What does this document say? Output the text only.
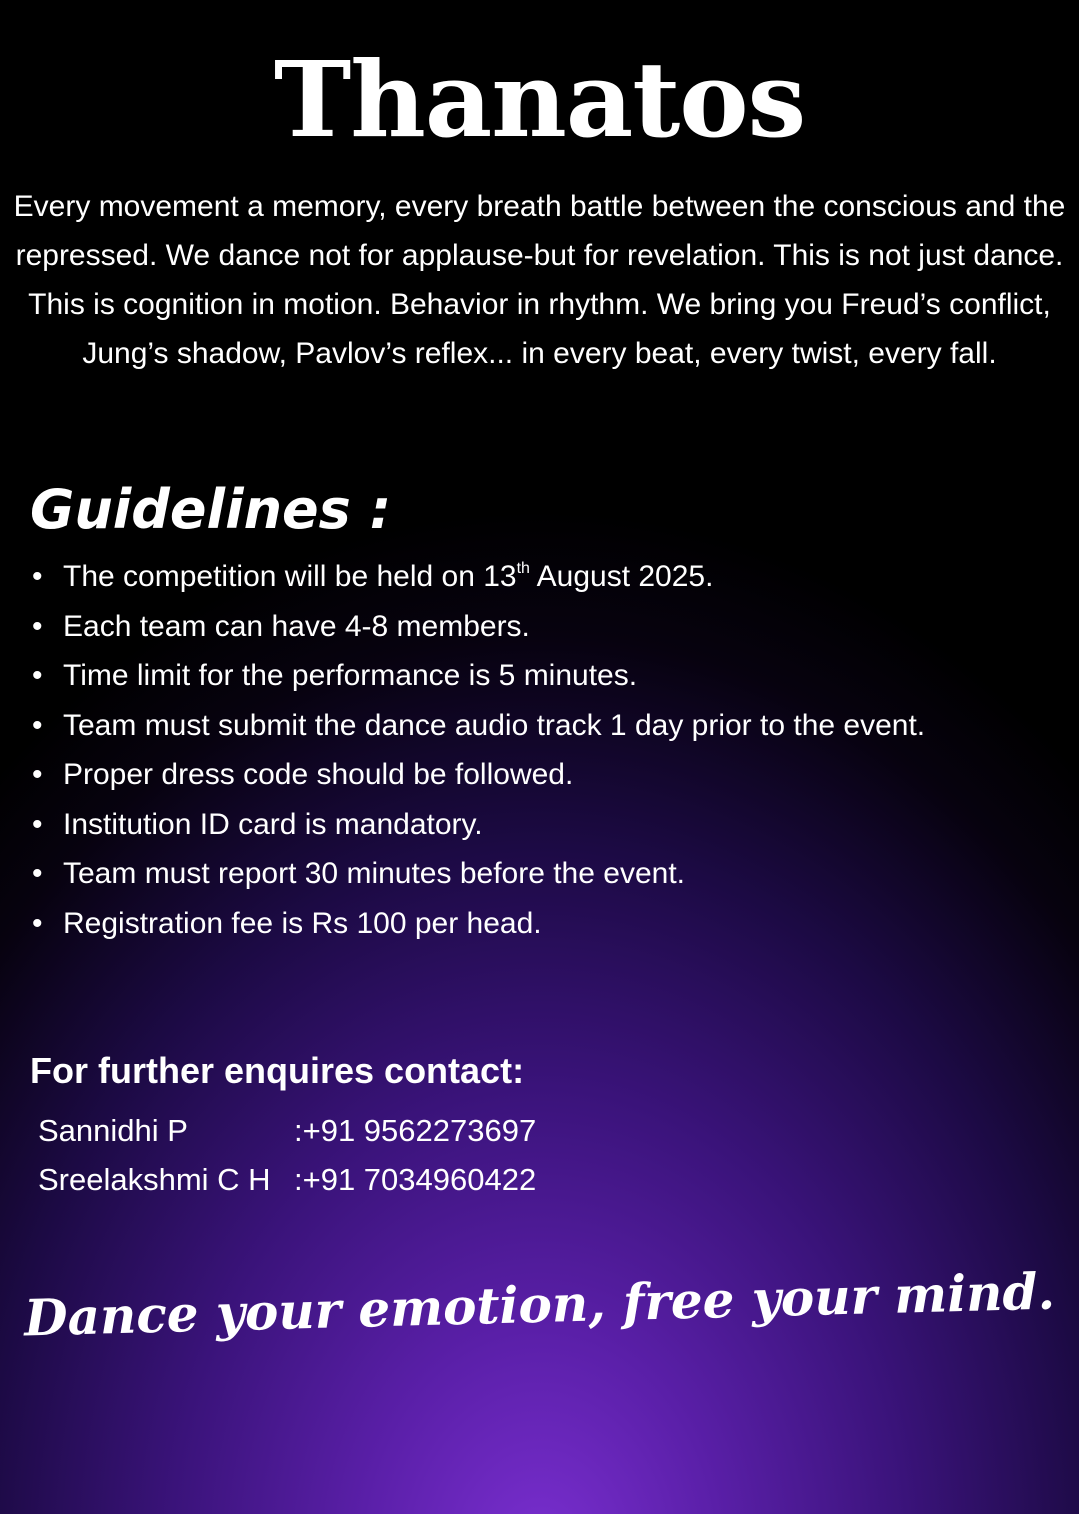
Thanatos

Every movement a memory, every breath battle between the conscious and the repressed. We dance not for applause-but for revelation. This is not just dance. This is cognition in motion. Behavior in rhythm. We bring you Freud’s conflict, Jung’s shadow, Pavlov’s reflex... in every beat, every twist, every fall.

Guidelines :
• The competition will be held on 13th August 2025.
• Each team can have 4-8 members.
• Time limit for the performance is 5 minutes.
• Team must submit the dance audio track 1 day prior to the event.
• Proper dress code should be followed.
• Institution ID card is mandatory.
• Team must report 30 minutes before the event.
• Registration fee is Rs 100 per head.
For further enquires contact:
Sannidhi P	:+91 9562273697
Sreelakshmi C H :+91 7034960422

Dance your emotion, free your mind.
